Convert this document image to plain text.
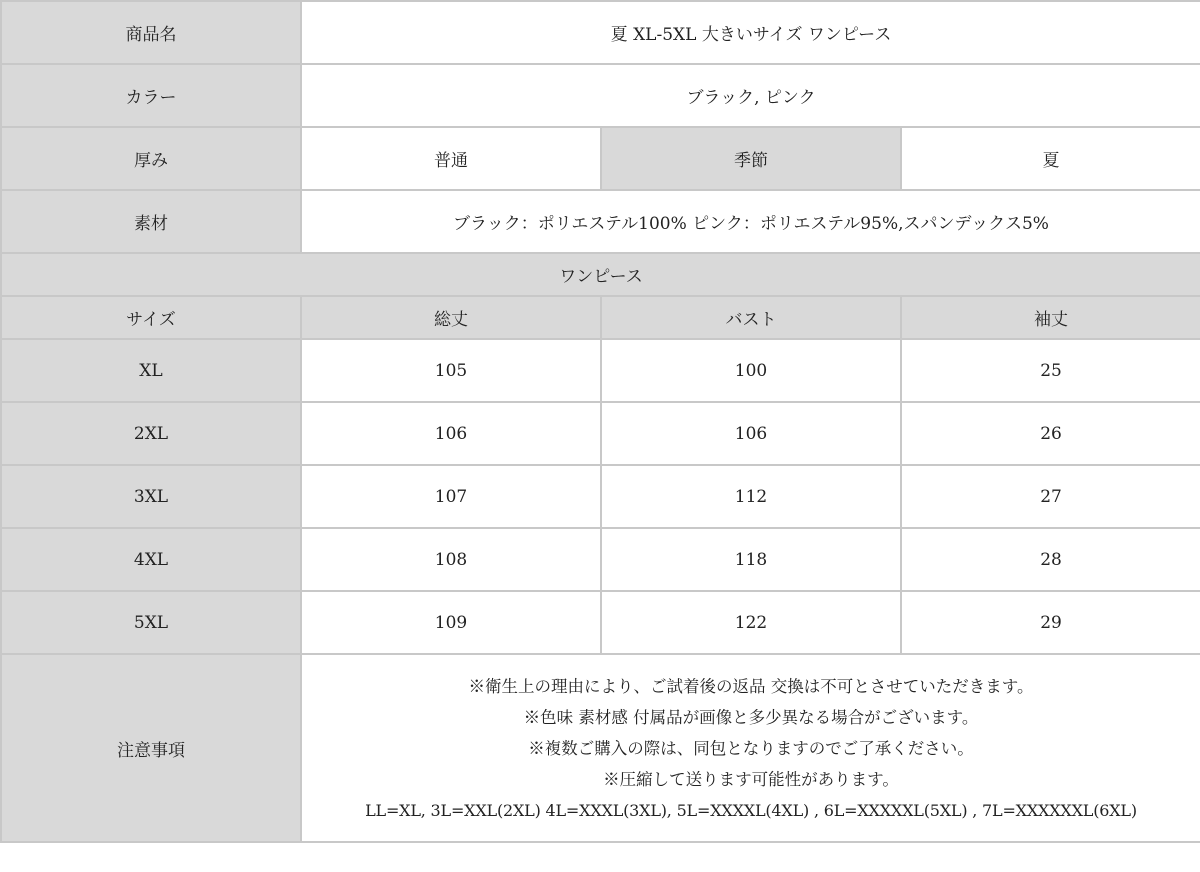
商品名	夏 XL-5XL 大きいサイズ ワンピース		
カラー	ブラック, ピンク		
厚み	普通	季節	夏
素材	ブラック：ポリエステル100% ピンク：ポリエステル95%,スパンデックス5%		
ワンピース			
サイズ	総丈	バスト	袖丈
XL	105	100	25
2XL	106	106	26
3XL	107	112	27
4XL	108	118	28
5XL	109	122	29
注意事項	※衛生上の理由により、ご試着後の返品 交換は不可とさせていただきます。
※色味 素材感 付属品が画像と多少異なる場合がございます。
※複数ご購入の際は、同包となりますのでご了承ください。
※圧縮して送ります可能性があります。
LL=XL, 3L=XXL(2XL) 4L=XXXL(3XL), 5L=XXXXL(4XL) , 6L=XXXXXL(5XL) , 7L=XXXXXXL(6XL)		
